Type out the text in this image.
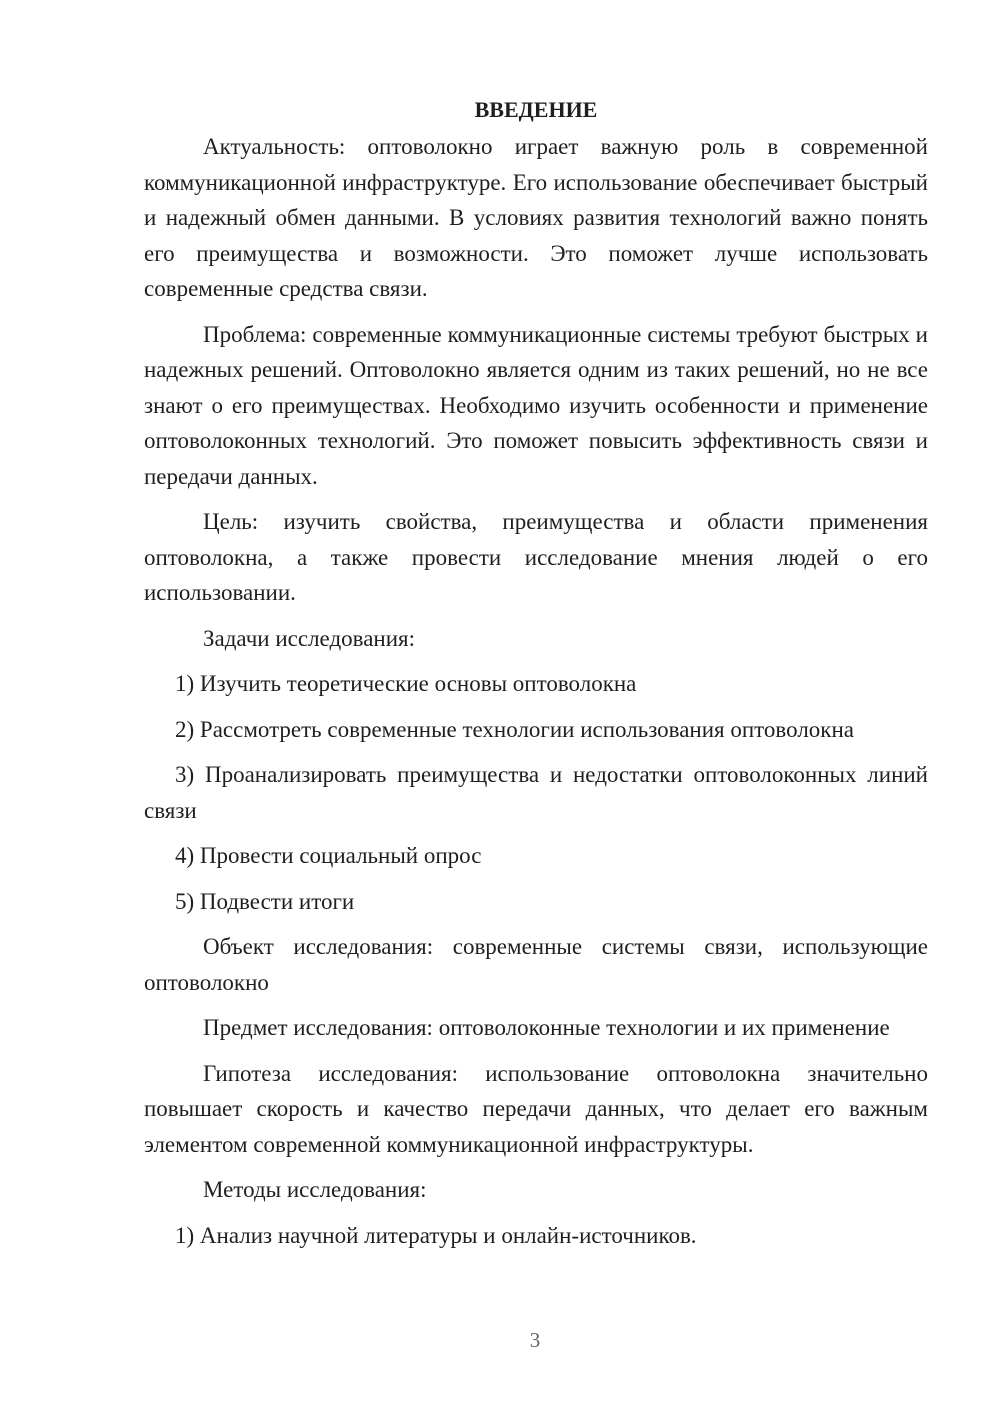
ВВЕДЕНИЕ

Актуальность: оптоволокно играет важную роль в современной коммуникационной инфраструктуре. Его использование обеспечивает быстрый и надежный обмен данными. В условиях развития технологий важно понять его преимущества и возможности. Это поможет лучше использовать современные средства связи.

Проблема: современные коммуникационные системы требуют быстрых и надежных решений. Оптоволокно является одним из таких решений, но не все знают о его преимуществах. Необходимо изучить особенности и применение оптоволоконных технологий. Это поможет повысить эффективность связи и передачи данных.

Цель: изучить свойства, преимущества и области применения оптоволокна, а также провести исследование мнения людей о его использовании.

Задачи исследования:

1) Изучить теоретические основы оптоволокна

2) Рассмотреть современные технологии использования оптоволокна

3) Проанализировать преимущества и недостатки оптоволоконных линий связи

4) Провести социальный опрос

5) Подвести итоги

Объект исследования: современные системы связи, использующие оптоволокно

Предмет исследования: оптоволоконные технологии и их применение

Гипотеза исследования: использование оптоволокна значительно повышает скорость и качество передачи данных, что делает его важным элементом современной коммуникационной инфраструктуры.

Методы исследования:

1) Анализ научной литературы и онлайн-источников.

3
